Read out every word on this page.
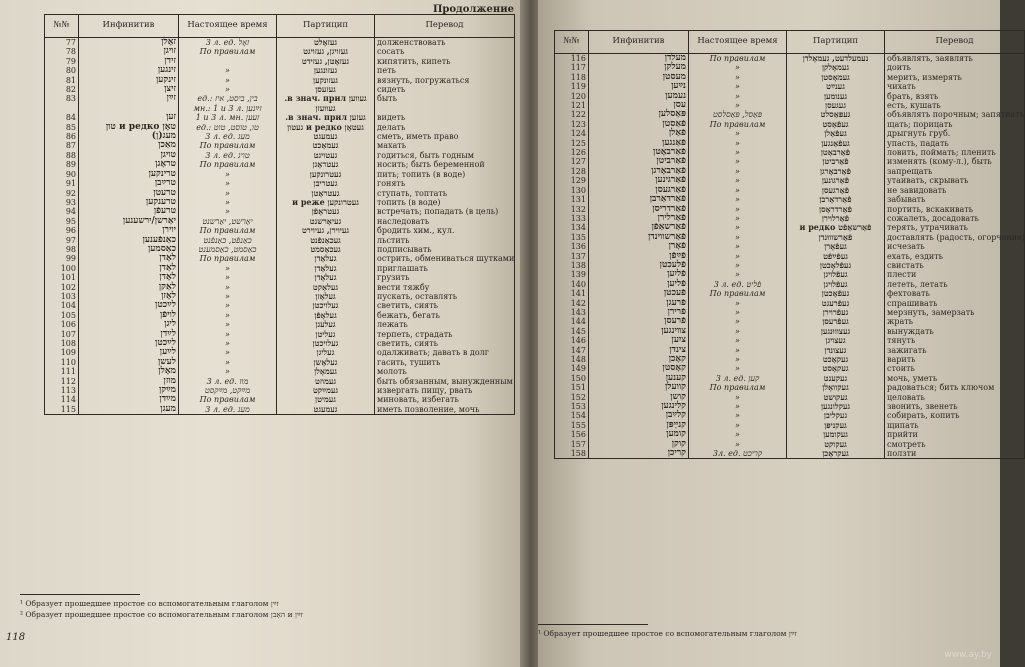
Продолжение
№№	Инфинитив	Настоящее время	Партицип	Перевод
77	זאָלן	3 л. ед. זאָל	געזאָלט	долженствовать
78	זויגן	По правилам	געזויגן, געזויגט	сосать
79	זידן		געזאָטן, געזידט	кипятить, кипеть
80	זינגען	»	געזונגען	петь
81	זינקען	»	געזונקען	вязнуть, погружаться
82	זיצן	»	געזעסן	сидеть
83	זײַן	ед.: בין, ביסט, איז	געווען в знач. прил.	быть
		мн.: 1 и 3 л. זײַנען	געוועזן	
84	זען	1 и 3 л. мн. זעען	געזען в знач. прил.	видеть
85	טאָן и редко טון	ед.: טו, טוסט, טוט	געטאָן и редко געטון	делать
86	מעג(ן)	3 л. ед. מעג	געמעגט	сметь, иметь право
87	מאַכן	По правилам	געמאַכט	махать
88	טויגן	3 л. ед. טויג	געטויגט	годиться, быть годным
89	טראָגן	По правилам	געטראָגן	носить; быть беременной
90	טרינקען	»	געטרונקען	пить; топить (в воде)
91	טרײַבן	»	געטריבן	гонять
92	טרעטן	»	געטראָטן	ступать, топтать
93	טרענקען	»	געטרונקען и реже	топить (в воде)
94	טרעפֿן	»	געטראָפֿן	встречать; попадать (в цель)
95	יאַרשן/ירשענען	יאַרשט, יאַרשנט	געיאַרשנט	наследовать
96	יוירן	По правилам	געיוירן, געיוירט	бродить хим., кул.
97	כאַנפֿענען	כאַנפֿט, כאַנפֿנט	געכאַנפֿנט	льстить
98	כאַסמען	כאַסמט, כאַסמענט	געכאַסמט	подписывать
99	לאָדן	По правилам	געלאָדן	острить, обмениваться шутками
100	לאַדן	»	געלאַדן	приглашать
101	לאָדן	»	געלאָדן	грузить
102	לאַקן	»	געלאַקט	вести тяжбу
103	לאָזן	»	געלאָזן	пускать, оставлять
104	לײַכטן	»	געלויכטן	светить, сиять
105	לויפֿן	»	געלאָפֿן	бежать, бегать
106	ליגן	»	געלעגן	лежать
107	לײַדן	»	געליטן	терпеть, страдать
108	לײַכטן	»	געלויכטן	светить, сиять
109	לײַען	»	געליגן	одалживать; давать в долг
110	לעשן	»	געלאָשן	гасить, тушить
111	מאָלן	»	געמאָלן	молоть
112	מוזן	3 л. ед. מוז	געמוזט	быть обязанным, вынужденным
113	מײַקן	מײַקט, מײַקסט	געמײַקט	извергать пищу, рвать
114	מײַדן	По правилам	געמיטן	миновать, избегать
115	מעגן	3 л. ед. מעג	געמעגט	иметь позволение, мочь
¹ Образует прошедшее простое со вспомогательным глаголом זײַן
² Образует прошедшее простое со вспомогательным глаголом האָבן и זײַן
118
№№	Инфинитив	Настоящее время	Партицип	Перевод
116	מעלדן	По правилам	נעמעלדעט, געמאָלדן	объявлять, заявлять
117	מעלקן	»	געמאָלקן	доить
118	מעסטן	»	געמאָסטן	мерить, измерять
119	נײַען	»	גענײַט	чихать
120	נעמען	»	גענומען	брать, взять
121	עסן	»	געגעסן	есть, кушать
122	פּאַסלען	פּאַסל, פּאַסלסט	געפּאַסלט	объявлять порочным; запятнать
123	פֿאַסטן	По правилам	געפֿאַסט	щать; порицать
124	פֿאַלן	»	געפֿאַלן	дрыгнуть груб.
125	פֿאַנגען	»	געפֿאַנגען	упасть, падать
126	פֿאַרבאָטן	»	פֿאַרבאָטן	ловить, поймать; пленить
127	פֿאַרביטן	»	פֿאַרביטן	изменять (кому-л.), быть
128	פֿאַרבאָרגן	»	פֿאַרבאָרגן	запрещать
129	פֿאַרגינען	»	פֿאַרגונען	утаивать, скрывать
130	פֿאַרגעסן	»	פֿאַרגעסן	не завидовать
131	פֿאַרדאַרבן	»	פֿאַרדאָרבן	забывать
132	פֿאַרדריסן	»	פֿאַרדראָסן	портить, вскакивать
133	פֿאַרלירן	»	פֿאַרלוירן	сожалеть, досадовать
134	פֿאַרשאַפֿן	»	פֿאַרשאַפֿט и редко	терять, утрачивать
135	פֿאַרשווינדן	»	פֿאַרשוווּנדן	доставлять (радость, огорчение)
136	פֿאָרן	»	געפֿאָרן	исчезать
137	פֿײַפֿן	»	געפֿײַפֿט	ехать, ездить
138	פֿלעכטן	»	געפֿלאָכטן	свистать
139	פֿליִען	»	געפֿלויגן	плести
140	פֿליען	3 л. ед. פֿליט	געפֿלויגן	лететь, летать
141	פֿעכטן	По правилам	געפֿאָכטן	фехтовать
142	פֿרעגן	»	געפֿרעגט	спрашивать
143	פֿרירן	»	געפֿרוירן	мерзнуть, замерзать
144	פֿרעסן	»	געפֿרעסן	жрать
145	צװינגען	»	געצוווּנגען	вынуждать
146	ציִען	»	געצויגן	тянуть
147	צינדן	»	געצונדן	зажигать
148	קאָכן	»	געקאָכט	варить
149	קאָסטן	»	געקאָסט	стоить
150	קענען	3 л. ед. קען	געקענט	мочь, уметь
151	קוועלן	По правилам	געקוואָלן	радоваться; бить ключом
152	קושן	»	געקושט	целовать
153	קלינגען	»	געקלונגען	звонить, звенеть
154	קלײַבן	»	געקליבן	собирать, копить
155	קנײַפּן	»	געקניפּן	щипать
156	קומען	»	געקומען	прийти
157	קוקן	»	געקוקט	смотреть
158	קריכן	3л. ед. קריכט	געקראָכן	ползти
¹ Образует прошедшее простое со вспомогательным глаголом זײַן
www.ay.by
